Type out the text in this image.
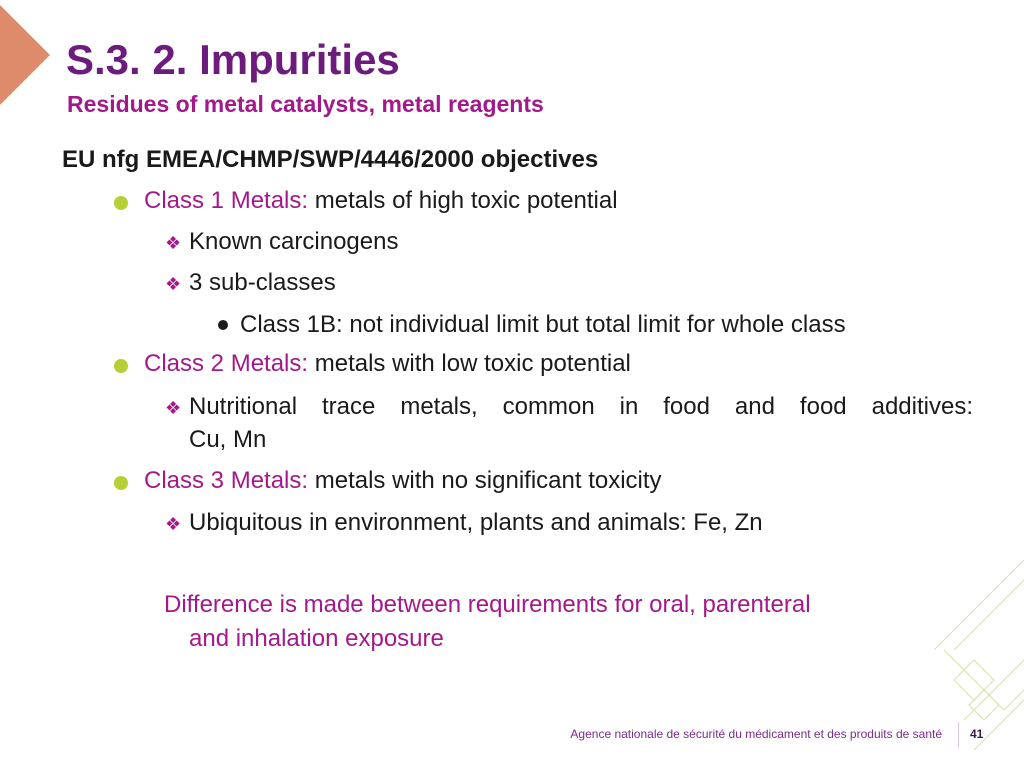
S.3. 2. Impurities
Residues of metal catalysts, metal reagents
EU nfg EMEA/CHMP/SWP/4446/2000 objectives
Class 1 Metals: metals of high toxic potential
❖ Known carcinogens
❖ 3 sub-classes
Class 1B: not individual limit but total limit for whole class
Class 2 Metals: metals with low toxic potential
❖ Nutritional trace metals, common in food and food additives:
Cu, Mn
Class 3 Metals: metals with no significant toxicity
❖ Ubiquitous in environment, plants and animals: Fe, Zn
Difference is made between requirements for oral, parenteral
and inhalation exposure
Agence nationale de sécurité du médicament et des produits de santé 41
